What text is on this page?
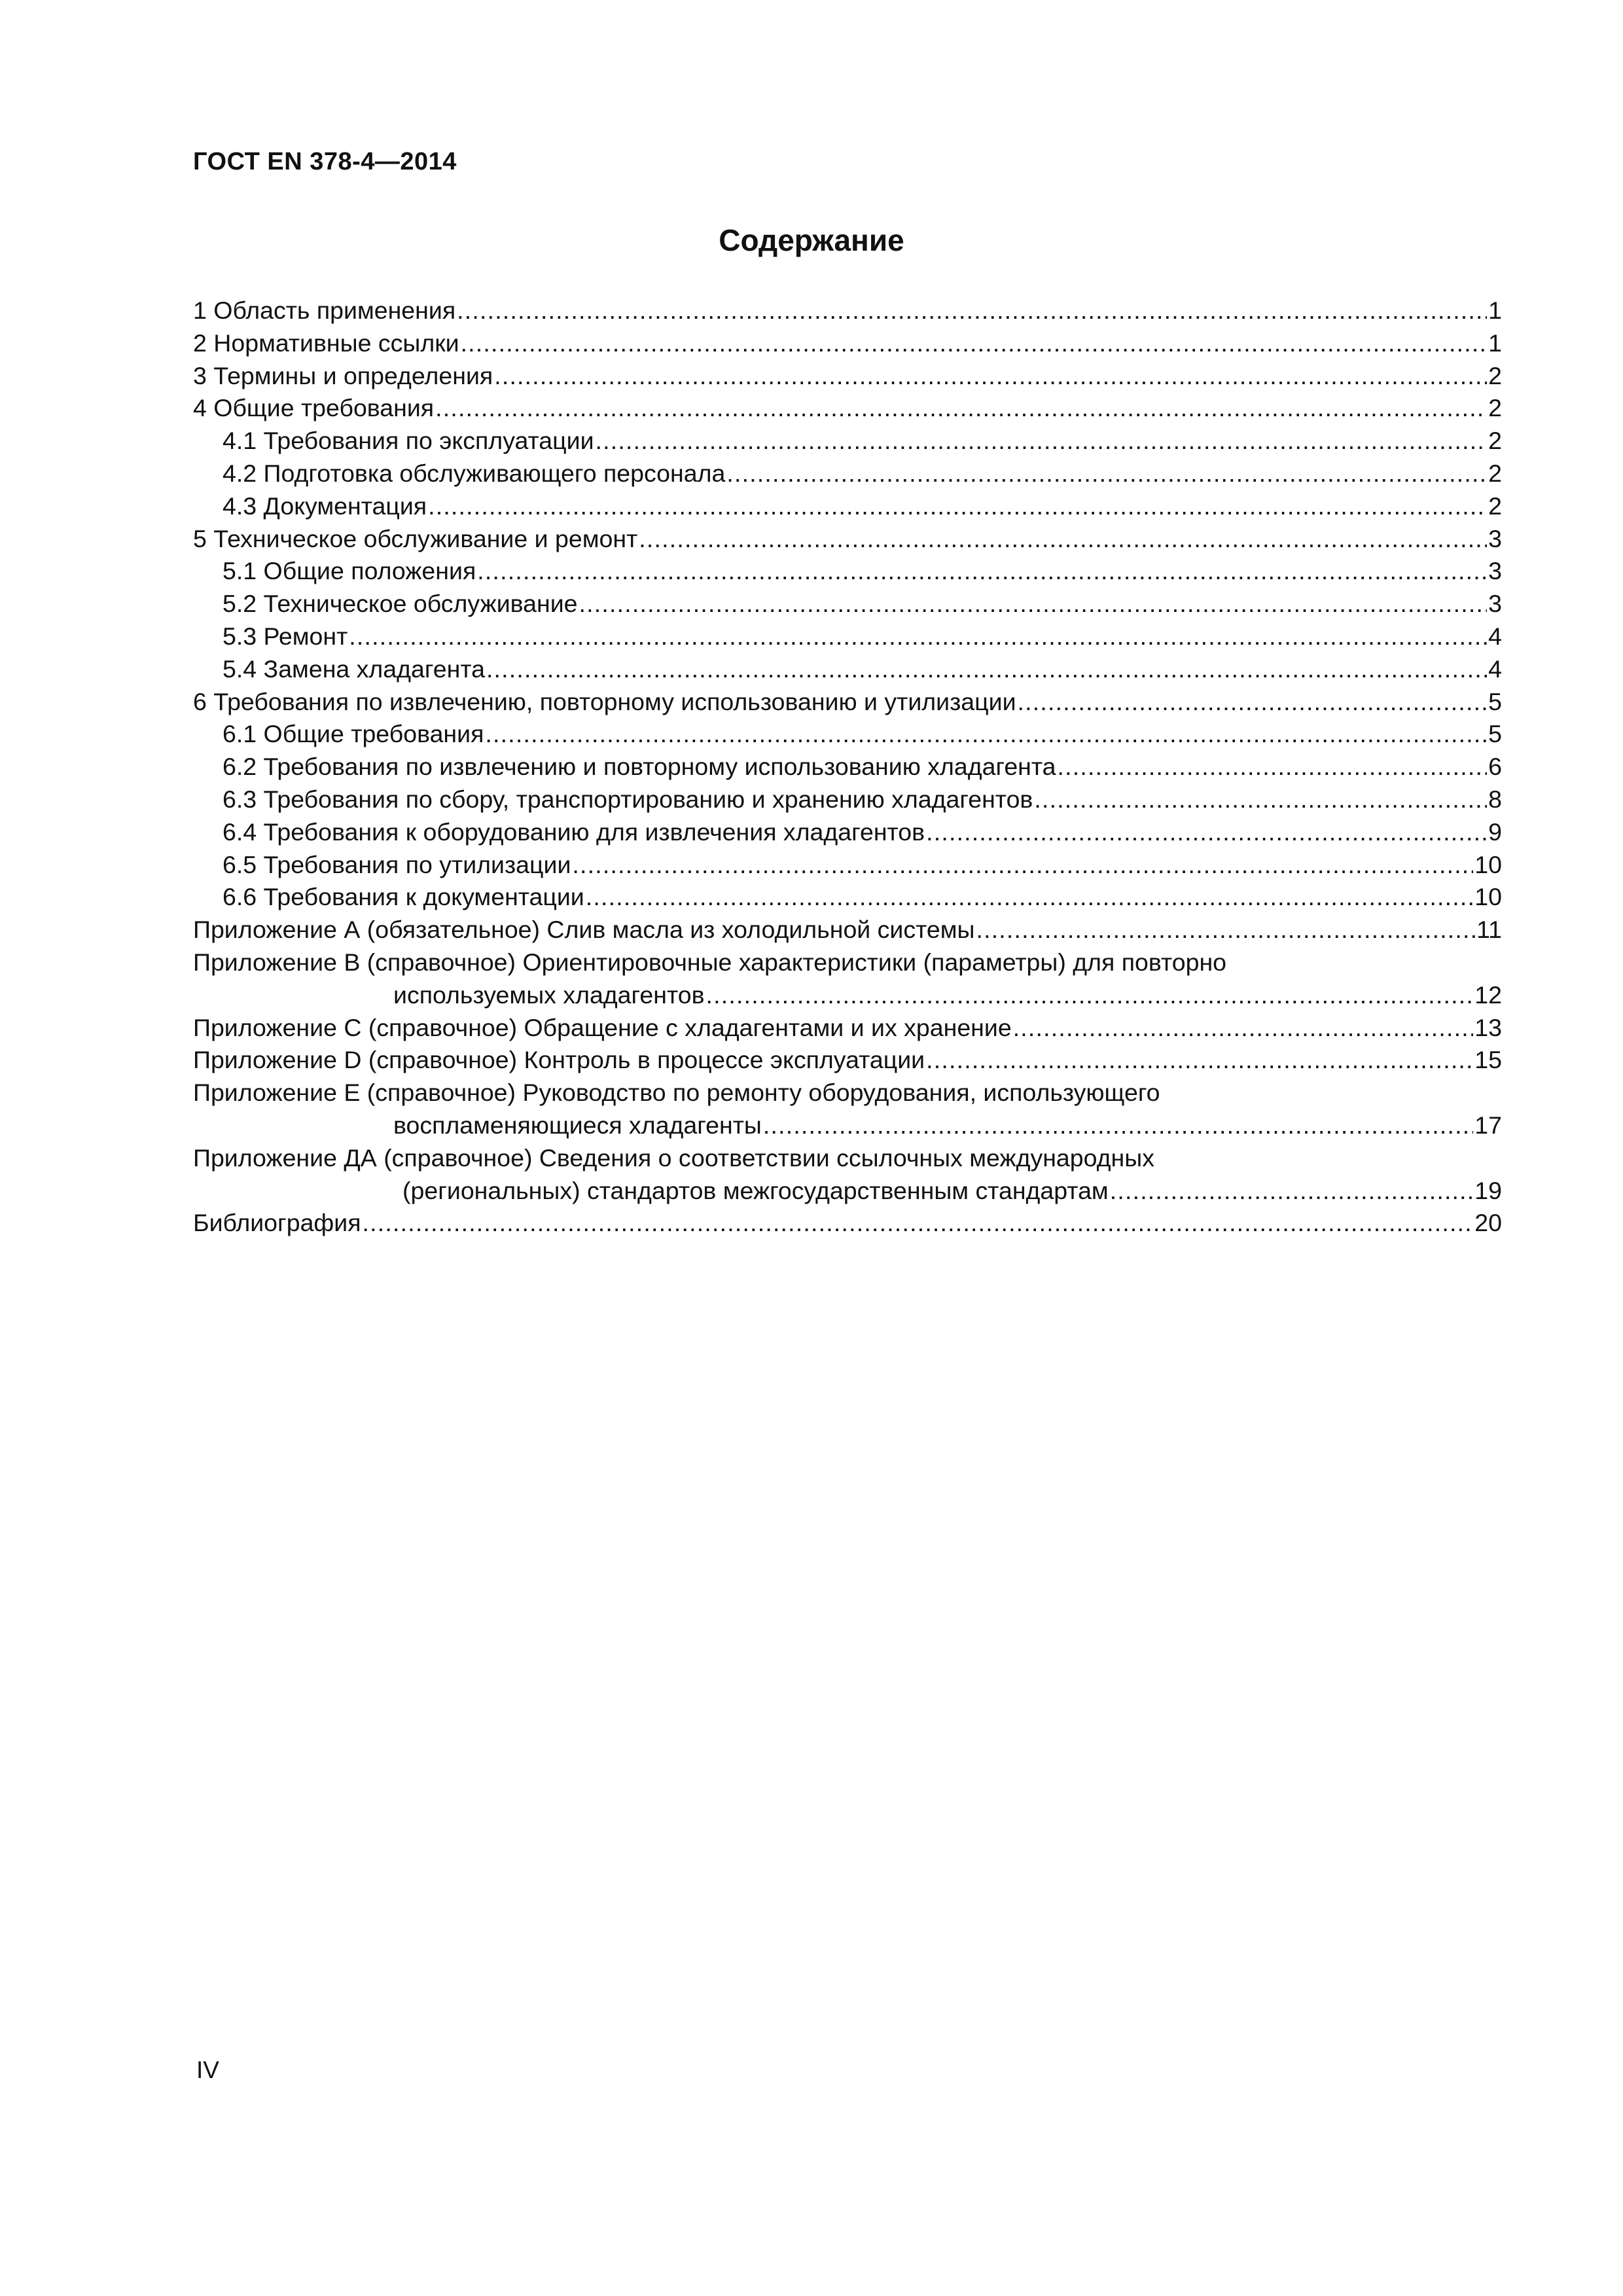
ГОСТ EN 378-4—2014
Содержание
1 Область применения .....	1
2 Нормативные ссылки .....	1
3 Термины и определения .....	2
4 Общие требования .....	2
4.1 Требования по эксплуатации .....	2
4.2 Подготовка обслуживающего персонала .....	2
4.3 Документация .....	2
5 Техническое обслуживание и ремонт .....	3
5.1 Общие положения .....	3
5.2 Техническое обслуживание .....	3
5.3 Ремонт .....	4
5.4 Замена хладагента .....	4
6 Требования по извлечению, повторному использованию и утилизации .....	5
6.1 Общие требования .....	5
6.2 Требования по извлечению и повторному использованию хладагента .....	6
6.3 Требования по сбору, транспортированию и хранению хладагентов .....	8
6.4 Требования к оборудованию для извлечения хладагентов .....	9
6.5 Требования по утилизации .....	10
6.6 Требования к документации .....	10
Приложение А (обязательное) Слив масла из холодильной системы .....	11
Приложение В (справочное) Ориентировочные характеристики (параметры) для повторно
используемых хладагентов .....	12
Приложение С (справочное) Обращение с хладагентами и их хранение .....	13
Приложение D (справочное) Контроль в процессе эксплуатации .....	15
Приложение Е (справочное) Руководство по ремонту оборудования, использующего
воспламеняющиеся хладагенты .....	17
Приложение ДА (справочное) Сведения о соответствии ссылочных международных
(региональных) стандартов межгосударственным стандартам .....	19
Библиография .....	20
IV
